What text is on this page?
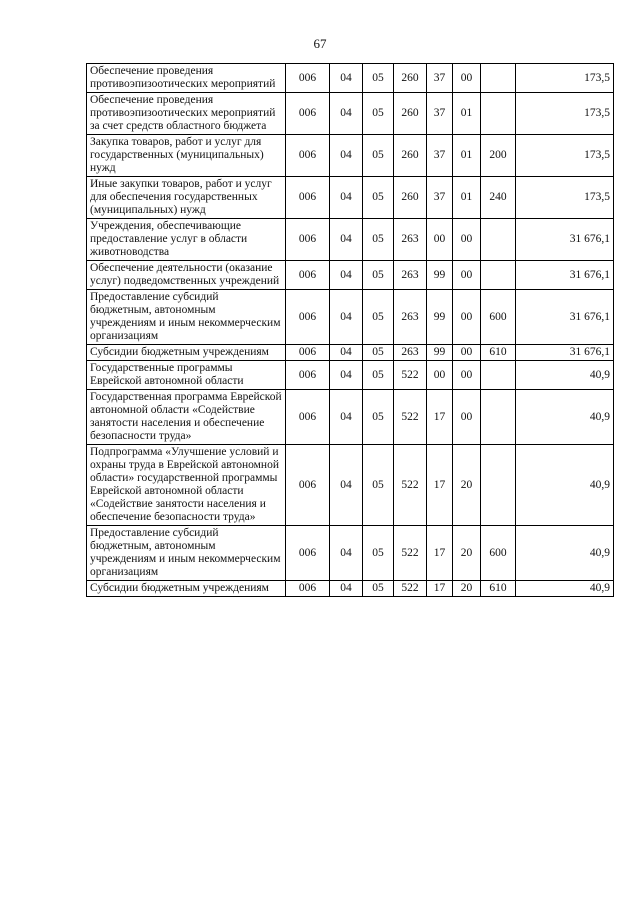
67
Обеспечение проведения противоэпизоотических мероприятий	006	04	05	260	37	00		173,5
Обеспечение проведения противоэпизоотических мероприятий за счет средств областного бюджета	006	04	05	260	37	01		173,5
Закупка товаров, работ и услуг для государственных (муниципальных) нужд	006	04	05	260	37	01	200	173,5
Иные закупки товаров, работ и услуг для обеспечения государственных (муниципальных) нужд	006	04	05	260	37	01	240	173,5
Учреждения, обеспечивающие предоставление услуг в области животноводства	006	04	05	263	00	00		31 676,1
Обеспечение деятельности (оказание услуг) подведомственных учреждений	006	04	05	263	99	00		31 676,1
Предоставление субсидий бюджетным, автономным учреждениям и иным некоммерческим организациям	006	04	05	263	99	00	600	31 676,1
Субсидии бюджетным учреждениям	006	04	05	263	99	00	610	31 676,1
Государственные программы Еврейской автономной области	006	04	05	522	00	00		40,9
Государственная программа Еврейской автономной области «Содействие занятости населения и обеспечение безопасности труда»	006	04	05	522	17	00		40,9
Подпрограмма «Улучшение условий и охраны труда в Еврейской автономной области» государственной программы Еврейской автономной области «Содействие занятости населения и обеспечение безопасности труда»	006	04	05	522	17	20		40,9
Предоставление субсидий бюджетным, автономным учреждениям и иным некоммерческим организациям	006	04	05	522	17	20	600	40,9
Субсидии бюджетным учреждениям	006	04	05	522	17	20	610	40,9
